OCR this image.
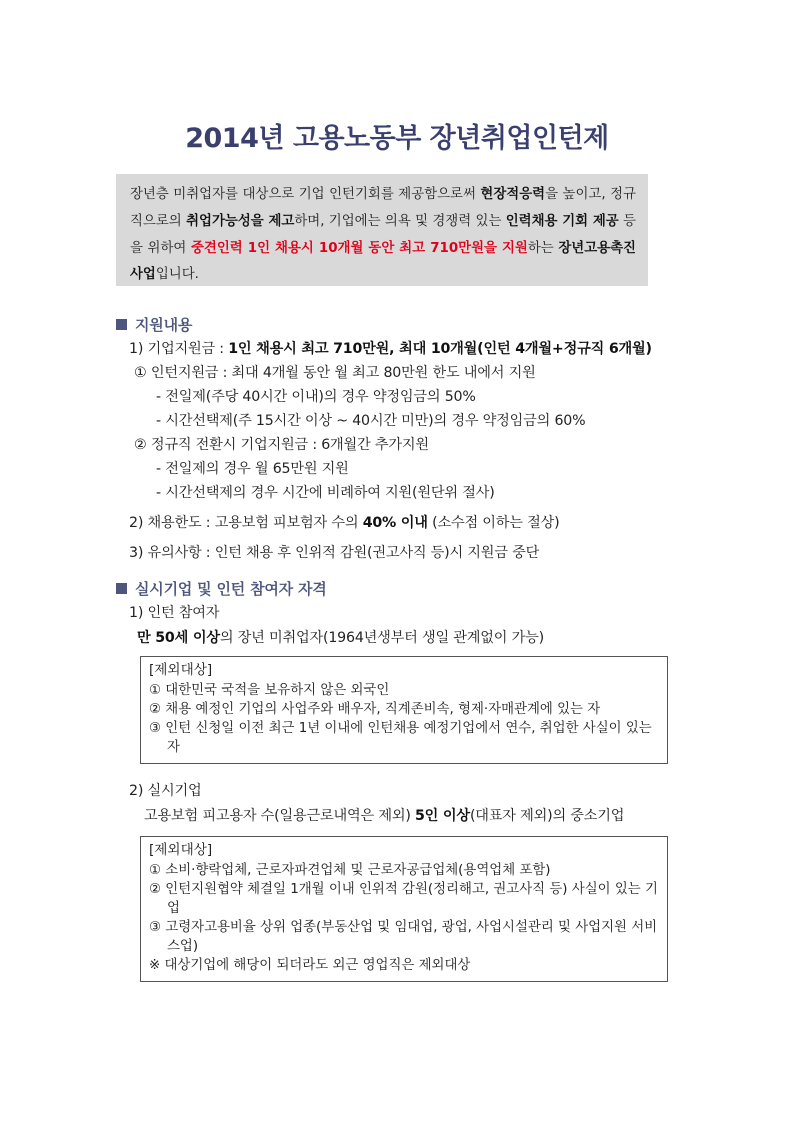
2014년 고용노동부 장년취업인턴제
장년층 미취업자를 대상으로 기업 인턴기회를 제공함으로써 현장적응력을 높이고, 정규직으로의 취업가능성을 제고하며, 기업에는 의욕 및 경쟁력 있는 인력채용 기회 제공 등을 위하여 중견인력 1인 채용시 10개월 동안 최고 710만원을 지원하는 장년고용촉진사업입니다.
지원내용
1) 기업지원금 : 1인 채용시 최고 710만원, 최대 10개월(인턴 4개월+정규직 6개월)
① 인턴지원금 : 최대 4개월 동안 월 최고 80만원 한도 내에서 지원
- 전일제(주당 40시간 이내)의 경우 약정임금의 50%
- 시간선택제(주 15시간 이상 ~ 40시간 미만)의 경우 약정임금의 60%
② 정규직 전환시 기업지원금 : 6개월간 추가지원
- 전일제의 경우 월 65만원 지원
- 시간선택제의 경우 시간에 비례하여 지원(원단위 절사)
2) 채용한도 : 고용보험 피보험자 수의 40% 이내 (소수점 이하는 절상)
3) 유의사항 : 인턴 채용 후 인위적 감원(권고사직 등)시 지원금 중단
실시기업 및 인턴 참여자 자격
1) 인턴 참여자
만 50세 이상의 장년 미취업자(1964년생부터 생일 관계없이 가능)
[제외대상]
① 대한민국 국적을 보유하지 않은 외국인
② 채용 예정인 기업의 사업주와 배우자, 직계존비속, 형제·자매관계에 있는 자
③ 인턴 신청일 이전 최근 1년 이내에 인턴채용 예정기업에서 연수, 취업한 사실이 있는 자
2) 실시기업
고용보험 피고용자 수(일용근로내역은 제외) 5인 이상(대표자 제외)의 중소기업
[제외대상]
① 소비·향락업체, 근로자파견업체 및 근로자공급업체(용역업체 포함)
② 인턴지원협약 체결일 1개월 이내 인위적 감원(정리해고, 권고사직 등) 사실이 있는 기업
③ 고령자고용비율 상위 업종(부동산업 및 임대업, 광업, 사업시설관리 및 사업지원 서비스업)
※ 대상기업에 해당이 되더라도 외근 영업직은 제외대상
